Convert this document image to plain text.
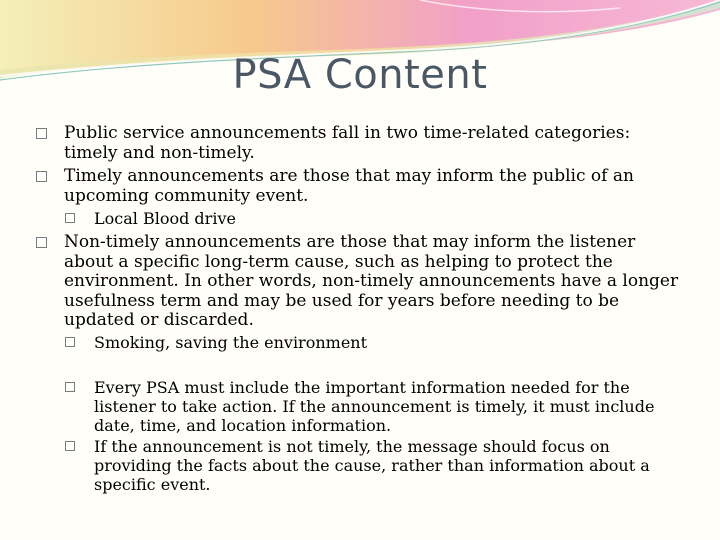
PSA Content
Public service announcements fall in two time-related categories: timely and non-timely.
Timely announcements are those that may inform the public of an upcoming community event.
Local Blood drive
Non-timely announcements are those that may inform the listener about a specific long-term cause, such as helping to protect the environment. In other words, non-timely announcements have a longer usefulness term and may be used for years before needing to be updated or discarded.
Smoking, saving the environment
Every PSA must include the important information needed for the listener to take action. If the announcement is timely, it must include date, time, and location information.
If the announcement is not timely, the message should focus on providing the facts about the cause, rather than information about a specific event.
